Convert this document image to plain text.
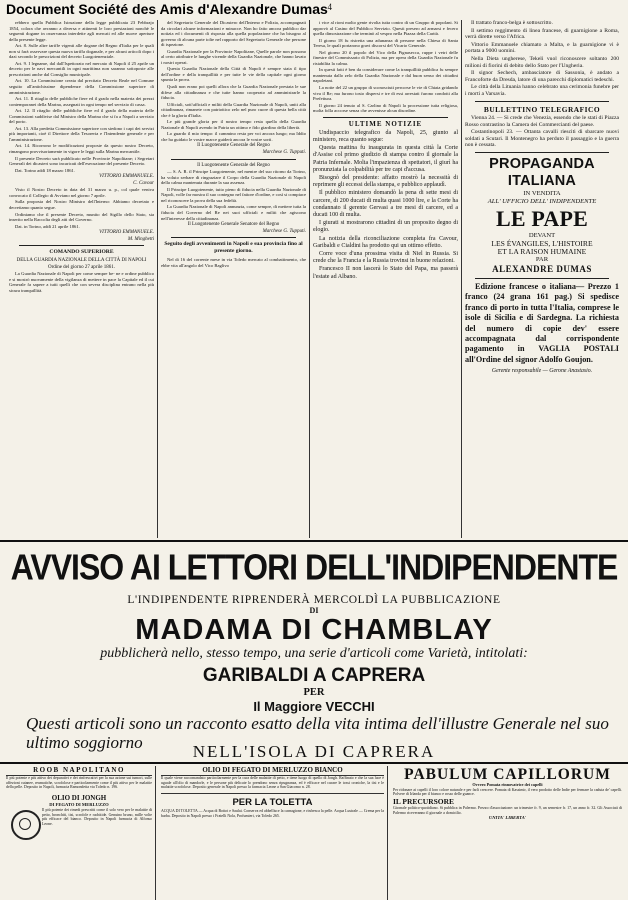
Document Société des Amis d'Alexandre Dumas 4

rebbero quella Pubblica Istruzione della legge pubblicata 23 Febbrajo 1854, colora che avranno a diversa e attinenti le loro prestazioni nonchè le seguenti dogane in osservanza interdette agli mercati ed alle nuove aperture della presente legge.

Art. 8. Sulle altre tariffe vigenti alle dogane del Regno d'Italia per le quali non si farà osservare questa nuova tariffa doganale, e per alcuni articoli dopo i dazi secondo le prescrizioni del decreto Luogotenenziale.

Art. 9. I legname, dal dall'Ispettorato nel mercato di Napoli il 25 aprile un decreto per le navi mercantili in ogni marittima non saranno sottoposte alle prescrizioni anche dal Consiglio municipale.

Art. 10. La Commissione creata dal precitato Decreto Reale nel Comune seguito all'antichissime dipendenze della Commissione superiore di amministrazione.

Art. 11. Il ritaglio delle pubbliche fiere ed il grado nella materia dei prezzi contemporanei della Marina, assegnati in ogni tempo nel servizio di cassa.

Art. 12. Il ritaglio delle pubbliche fiere ed il grado della materia delle Commissioni suddivise dal Ministro della Marina che si fa a Napoli a servizio del porto.

Art. 13. Alla predetta Commissione superiore con siedono i capi dei servizi più importanti, cioè il Direttore della Tesoreria e l'Intendente generale e per l'amministrazione.

Art. 14. Ricorrono le modificazioni proposte da questo nostro Decreto, rimangono provvisoriamente in vigore le leggi sulla Marina mercantile.

Il presente Decreto sarà pubblicato nelle Provincie Napolitane; i Segretari Generali dei dicasteri sono incaricati dell'esecuzione del presente Decreto.

Dat. Torino addì 18 marzo 1861.

VITTORIO EMMANUELE.

C. Cavour

Visto il Nostro Decreto in data del 31 marzo u. p., col quale veniva convocato il Collegio di Avviano nel giorno 7 aprile.

Sulla proposta del Nostro Ministro dell'Interno: Abbiamo decretato e decretiamo quanto segue.

Ordiniamo che il presente Decreto, munito del Sigillo dello Stato, sia inserito nella Raccolta degli atti del Governo.

Dat. in Torino, addì 21 aprile 1861.

VITTORIO EMMANUELE.

M. Minghetti

COMANDO SUPERIORE

DELLA GUARDIA NAZIONALE DELLA CITTÀ DI NAPOLI

Ordine del giorno 27 aprile 1861.

La Guardia Nazionale di Napoli per come sempre be- ne e ordine pubblico e si mostrò nuovamente della vigilanza di mettere in pace la Capitale ed il cui Generale fa sapere a tutti quelli che con severa disciplina entrano nella più sicura tranquillità.

del Segretario Generale del Dicastero dell'Interno e Polizia, accompagnati da circolari alcune informazioni e minacce. Non ho fatto ancora pubblico dar notizia ed i documenti di risposta alla quella popolazione che ha bisogno al governo di alcuna parte tolte nel rapporto del Segretario Generale che persone di ispezione.

Guardia Nazionale per la Provincie Napolitane, Quelle parole non possono al certo attribuire le lunghe vicende della Guardia Nazionale, che hanno lavato i nostri operai.

Questa Guardia Nazionale della Città di Napoli è sempre stata il tipo dell'ordine e della tranquillità e per tutte le vie della capitale ogni giorno spunta la prova.

Quali non erano poi quelli allora che la Guardia Nazionale prestata le sue difese alla cittadinanza e che tutte hanno cooperato ad amministrarle la fiducia.

Ufficiali, sott'ufficiali e militi della Guardia Nazionale di Napoli, uniti alla cittadinanza, rimanete con patriottico zelo nel puro cuore di questa bella città che è la gloria d'Italia.

Le più grande gloria per il nostro tempo resta quella della Guardia Nazionale di Napoli avendo in Patria un ottimo e fido giardino della libertà.

Lo guardo il mio tempo: il cammino resta per voi ancora lungo; ma Iddio che ha guidato le vostre marce guiderà ancora le vostre sorti.

Il Luogotenente Generale del Regno

Marchese G. Tupputi.

Il Luogotenente Generale del Regno

— S. A. R. il Principe Luogotenente, nel mentre del suo ritorno da Torino, ha voluto serbare di ringraziare il Corpo della Guardia Nazionale di Napoli della calma mantenuta durante la sua assenza.

Il Principe Luogotenente, tutto pieno di fiducia nella Guardia Nazionale di Napoli, volle far mostra il suo contegno nel fattore d'ordine, e così si compiace nel riconoscere la prova della sua fedeltà.

La Guardia Nazionale di Napoli annunzia, come sempre, di mettere tutta la fiducia del Governo del Re nei suoi ufficiali e militi che agiscono nell'interesse della cittadinanza.

Il Luogotenente Generale Senatore del Regno

Marchese G. Tupputi.

Seguito degli avvenimenti in Napoli e sua provincia fino al presente giorno.

Nel di 16 del corrente mese in via Toledo mercato al combattimento, che ebbe vita all'angolo del Vico Baglivo

i vice al rioni molto gente rivolta tutta contro di un Gruppo di popolani. Si approvò al Casino del Pubblico Servizio. Questi presero ad armarsi e fecero quella dimostrazione che terminò al vespro nella Piazza della Carità.

Il giorno 18 fu ristretta una adunanza di persone nella Chiesa di Santa Teresa, le quali portarono gravi discorsi del Vicario Generale.

Nel giorno 20 il popolo del Vico della Pignasecca, ruppe i vetri delle finestre del Commissario di Polizia, ma per opera della Guardia Nazionale fu ristabilita la calma.

In questi fatti è ben da considerare come la tranquillità pubblica fu sempre mantenuta dallo zelo della Guardia Nazionale e dal buon senso dei cittadini napoletani.

La notte del 22 un gruppo di sconosciuti percorse le vie di Chiaia gridando viva il Re; ma furono tosto dispersi e tre di essi arrestati furono condotti alla Prefettura.

Il giorno 24 tenuto al S. Carlino di Napoli la processione tutta religiosa, molta folla accorse senza che avvenisse alcun disordine.

ULTIME NOTIZIE

Undispaccio telegrafico da Napoli, 25, giunto al ministero, reca quanto segue:

Questa mattina fu inaugurata in questa città la Corte d'Assise col primo giudizio di stampa contro il giornale la Patria Infernale. Molta l'impazienza di spettatori, il giurì ha pronunziata la colpabilità per tre capi d'accusa.

Bisognò del presidente: affatto mostrò la necessità di reprimere gli eccessi della stampa, e pubblico applaudì.

Il pubblico ministero domandò la pena di sette mesi di carcere, di 200 ducati di multa quasi 1000 lire, e la Corte ha condannato il gerente Gervasi a tre mesi di carcere, ed a ducati 100 di multa.

I giurati si mostrarono cittadini di un proposito degno di elogio.

La notizia della riconciliazione completa fra Cavour, Garibaldi e Cialdini ha prodotto qui un ottimo effetto.

Corre voce d'una prossima visita di Niel in Russia. Si crede che la Francia e la Russia trovinsi in buone relazioni.

Francesco II non lascerà lo Stato del Papa, ma passerà l'estate ad Albano.

Il trattato franco-belga è sottoscritto.

Il settimo reggimento di linea francese, di guarnigione a Roma, verrà dirette verso l'Africa.

Vittorio Emmanuele chiamato a Malta, e la guarnigione vi è portata a 9000 uomini.

Nella Dieta ungherese, Tekeli vuol riconoscere soltanto 200 milioni di fiorini di debito dello Stato per l'Ungheria.

Il signor Sechech, ambasciatore di Sassonia, è andato a Francoforte da Dresda, latore di una parecchi diplomatici tedeschi.

Le città della Lituania hanno celebrato una cerimonia funebre per i morti a Varsavia.

BULLETTINO TELEGRAFICO

Vienna 24. — Si crede che Venezia, essendo che le stati di Piazza Rosso contrastino la Camera dei Commercianti del paese.

Costantinopoli 23. — Ottanta cavalli riesciti di sbarcare nuovi soldati a Scutari. Il Montenegro ha perduto il passaggio e la guerra non è cessata.

PROPAGANDA ITALIANA
IN VENDITA
ALL' UFFICIO DELL' INDIPENDENTE
LE PAPE
DEVANT
LES ÉVANGILES, L'HISTOIRE
ET LA RAISON HUMAINE
PAR
ALEXANDRE DUMAS

Edizione francese o italiana— Prezzo 1 franco (24 grana 161 pag.) Si spedisce franco di porto in tutta l'Italia, comprese le isole di Sicilia e di Sardegna. La richiesta del numero di copie dev' essere accompagnata dal corrispondente pagamento in VAGLIA POSTALI all'Ordine del signor Adolfo Goujon.

Gerente responsabile — Gerone Anastasio.
AVVISO AI LETTORI DELL'INDIPENDENTE
L'INDIPENDENTE RIPRENDERÀ MERCOLDÌ LA PUBBLICAZIONE
DI
MADAMA DI CHAMBLAY
pubblicherà nello, stesso tempo, una serie d'articoli come Varietà, intitolati:
GARIBALDI A CAPRERA
PER
Il Maggiore VECCHI
Questi articoli sono un racconto esatto della vita intima dell'illustre Generale nel suo ultimo soggiorno	NELL'ISOLA DI CAPRERA
ROOB NAPOLITANO
Il più potente e più attivo dei depurativi e dei rinfrescativi per la sua azione sui tumori, sulle affezioni cutanee, reumatiche, scrofolose e particolarmente come il più attivo per le malattie della pelle. Deposito in Napoli, farmacia Ramondetta via Toledo n. 196.
OLIO DI JONGH
DI FEGATO DI MERLUZZO
Il più potente dei rimedi prescritti come il solo vero per le malattie di petto, bronchiti, tisi, scrofole e rachitide. Genuino bruno, mille volte più efficace del bianco. Deposito in Napoli farmacia di Alfonso Leone.
OLIO DI FEGATO DI MERLUZZO BIANCO
Il quale viene raccomandato particolarmente per la cura delle malattie di petto, e tiene luogo di quello di Jongh. Raffinato e che la sua luce è uguale all'olio di mandorle, e le persone più delicate lo prendono senza ripugnanza, ed è efficace nel curare le tossi croniche, la tisi e le malattie scrofolose. Deposito generale in Napoli presso la farmacia Leone a San Giacomo n. 28.
PER LA TOLETTA
ACQUA DI TOLETTA — Acqua di Bottot e Saulai. Conserva ed abbellisce la carnagione, e rinfresca la pelle. Acqua Lustrale — Crema per la barba. Deposito in Napoli presso i Fratelli Nola, Profumieri, via Toledo 265.
PABULUM CAPILLORUM
Ovvero Pomata rinnovatrice dei capelli
Per ridonare ai capelli il loro colore naturale e per farli crescere. Pomata di Kassimir, il vero prodotto delle Indie per fermare la caduta de' capelli. Polvere di Irlanda per il bianco e rosso delle guance.
IL PRECURSORE
Giornale politico-quotidiano. Si pubblica in Palermo. Prezzo d'associazione: un trimestre fr. 9, un semestre fr. 17, un anno fr. 32. Gli Associati di Palermo riceveranno il giornale a domicilio.
UNITA' LIBERTA'
